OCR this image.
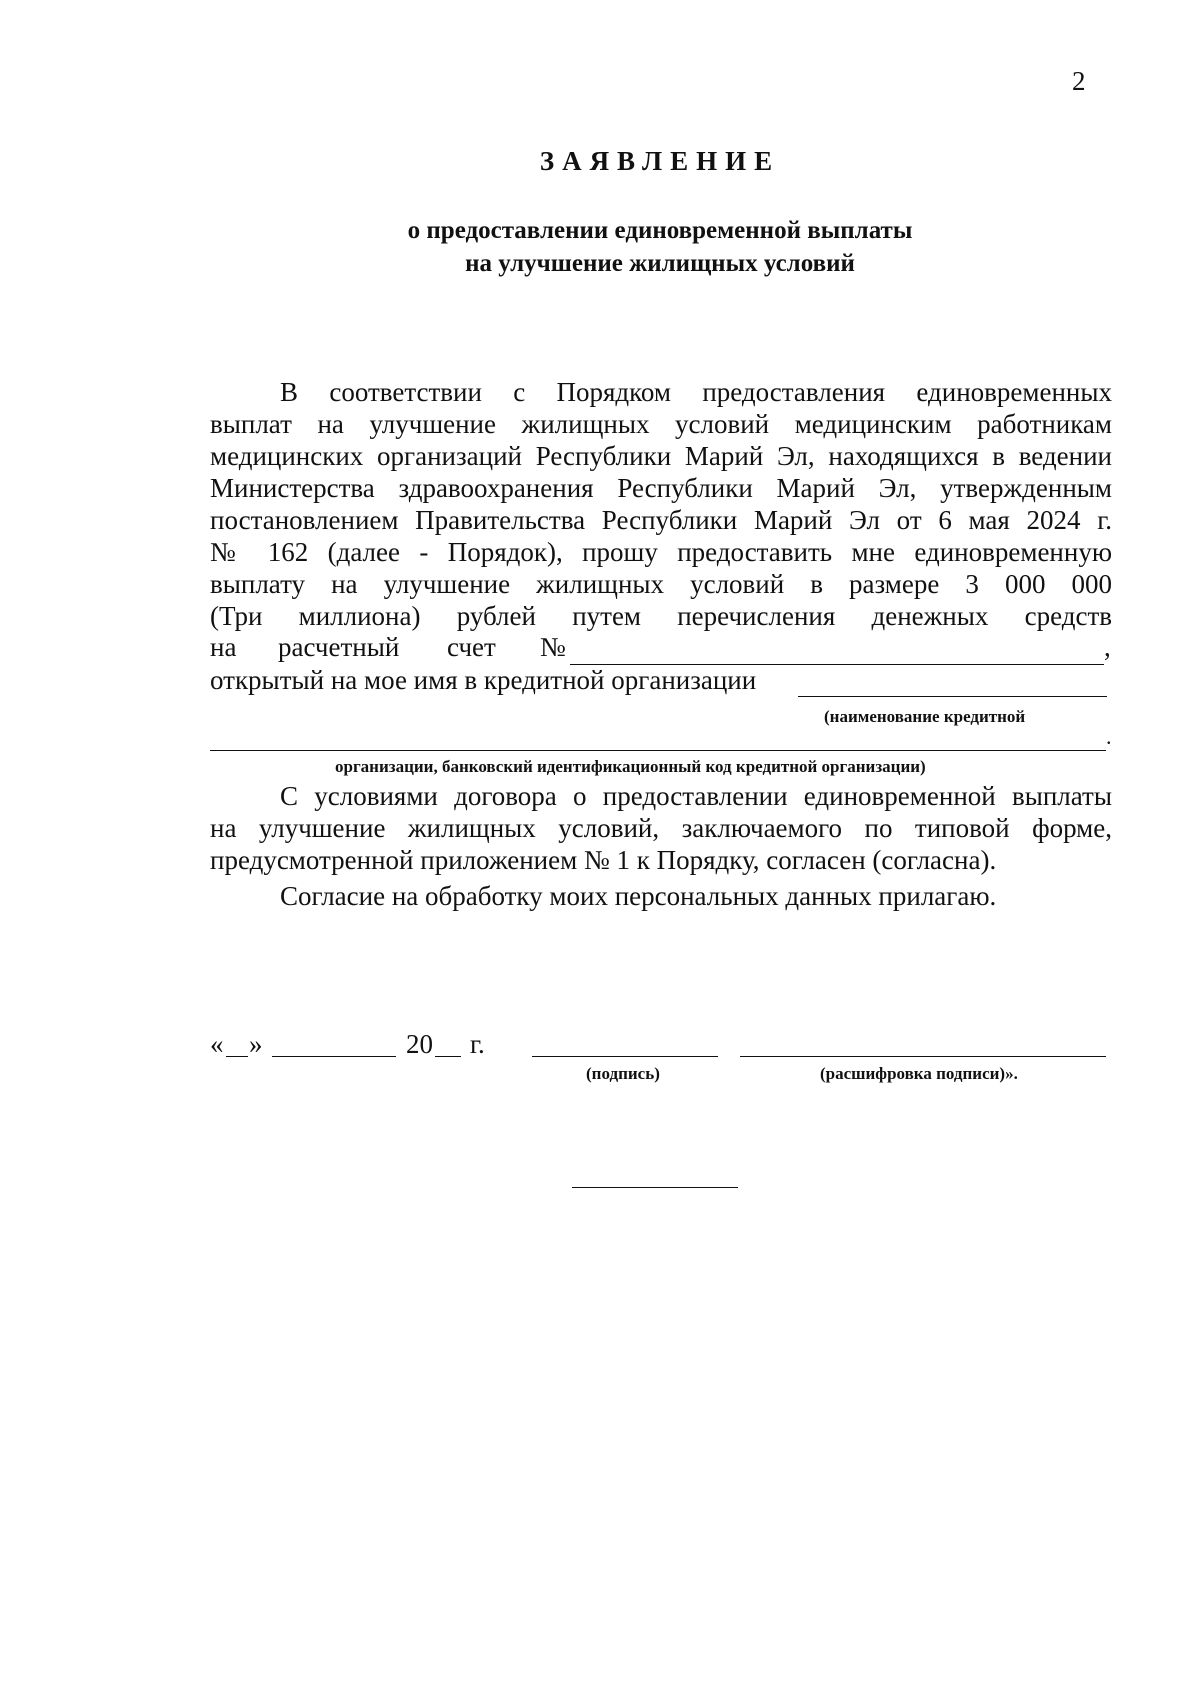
2
ЗАЯВЛЕНИЕ
о предоставлении единовременной выплаты
на улучшение жилищных условий
В соответствии с Порядком предоставления единовременных
выплат на улучшение жилищных условий медицинским работникам
медицинских организаций Республики Марий Эл, находящихся в ведении
Министерства здравоохранения Республики Марий Эл, утвержденным
постановлением Правительства Республики Марий Эл от 6 мая 2024 г.
№ 162 (далее - Порядок), прошу предоставить мне единовременную
выплату на улучшение жилищных условий в размере 3 000 000
(Три миллиона) рублей путем перечисления денежных средств
на расчетный счет №	,
открытый на мое имя в кредитной организации
(наименование кредитной
.
организации, банковский идентификационный код кредитной организации)
С условиями договора о предоставлении единовременной выплаты
на улучшение жилищных условий, заключаемого по типовой форме,
предусмотренной приложением № 1 к Порядку, согласен (согласна).
Согласие на обработку моих персональных данных прилагаю.
« »	20 г.
(подпись)	(расшифровка подписи)».
